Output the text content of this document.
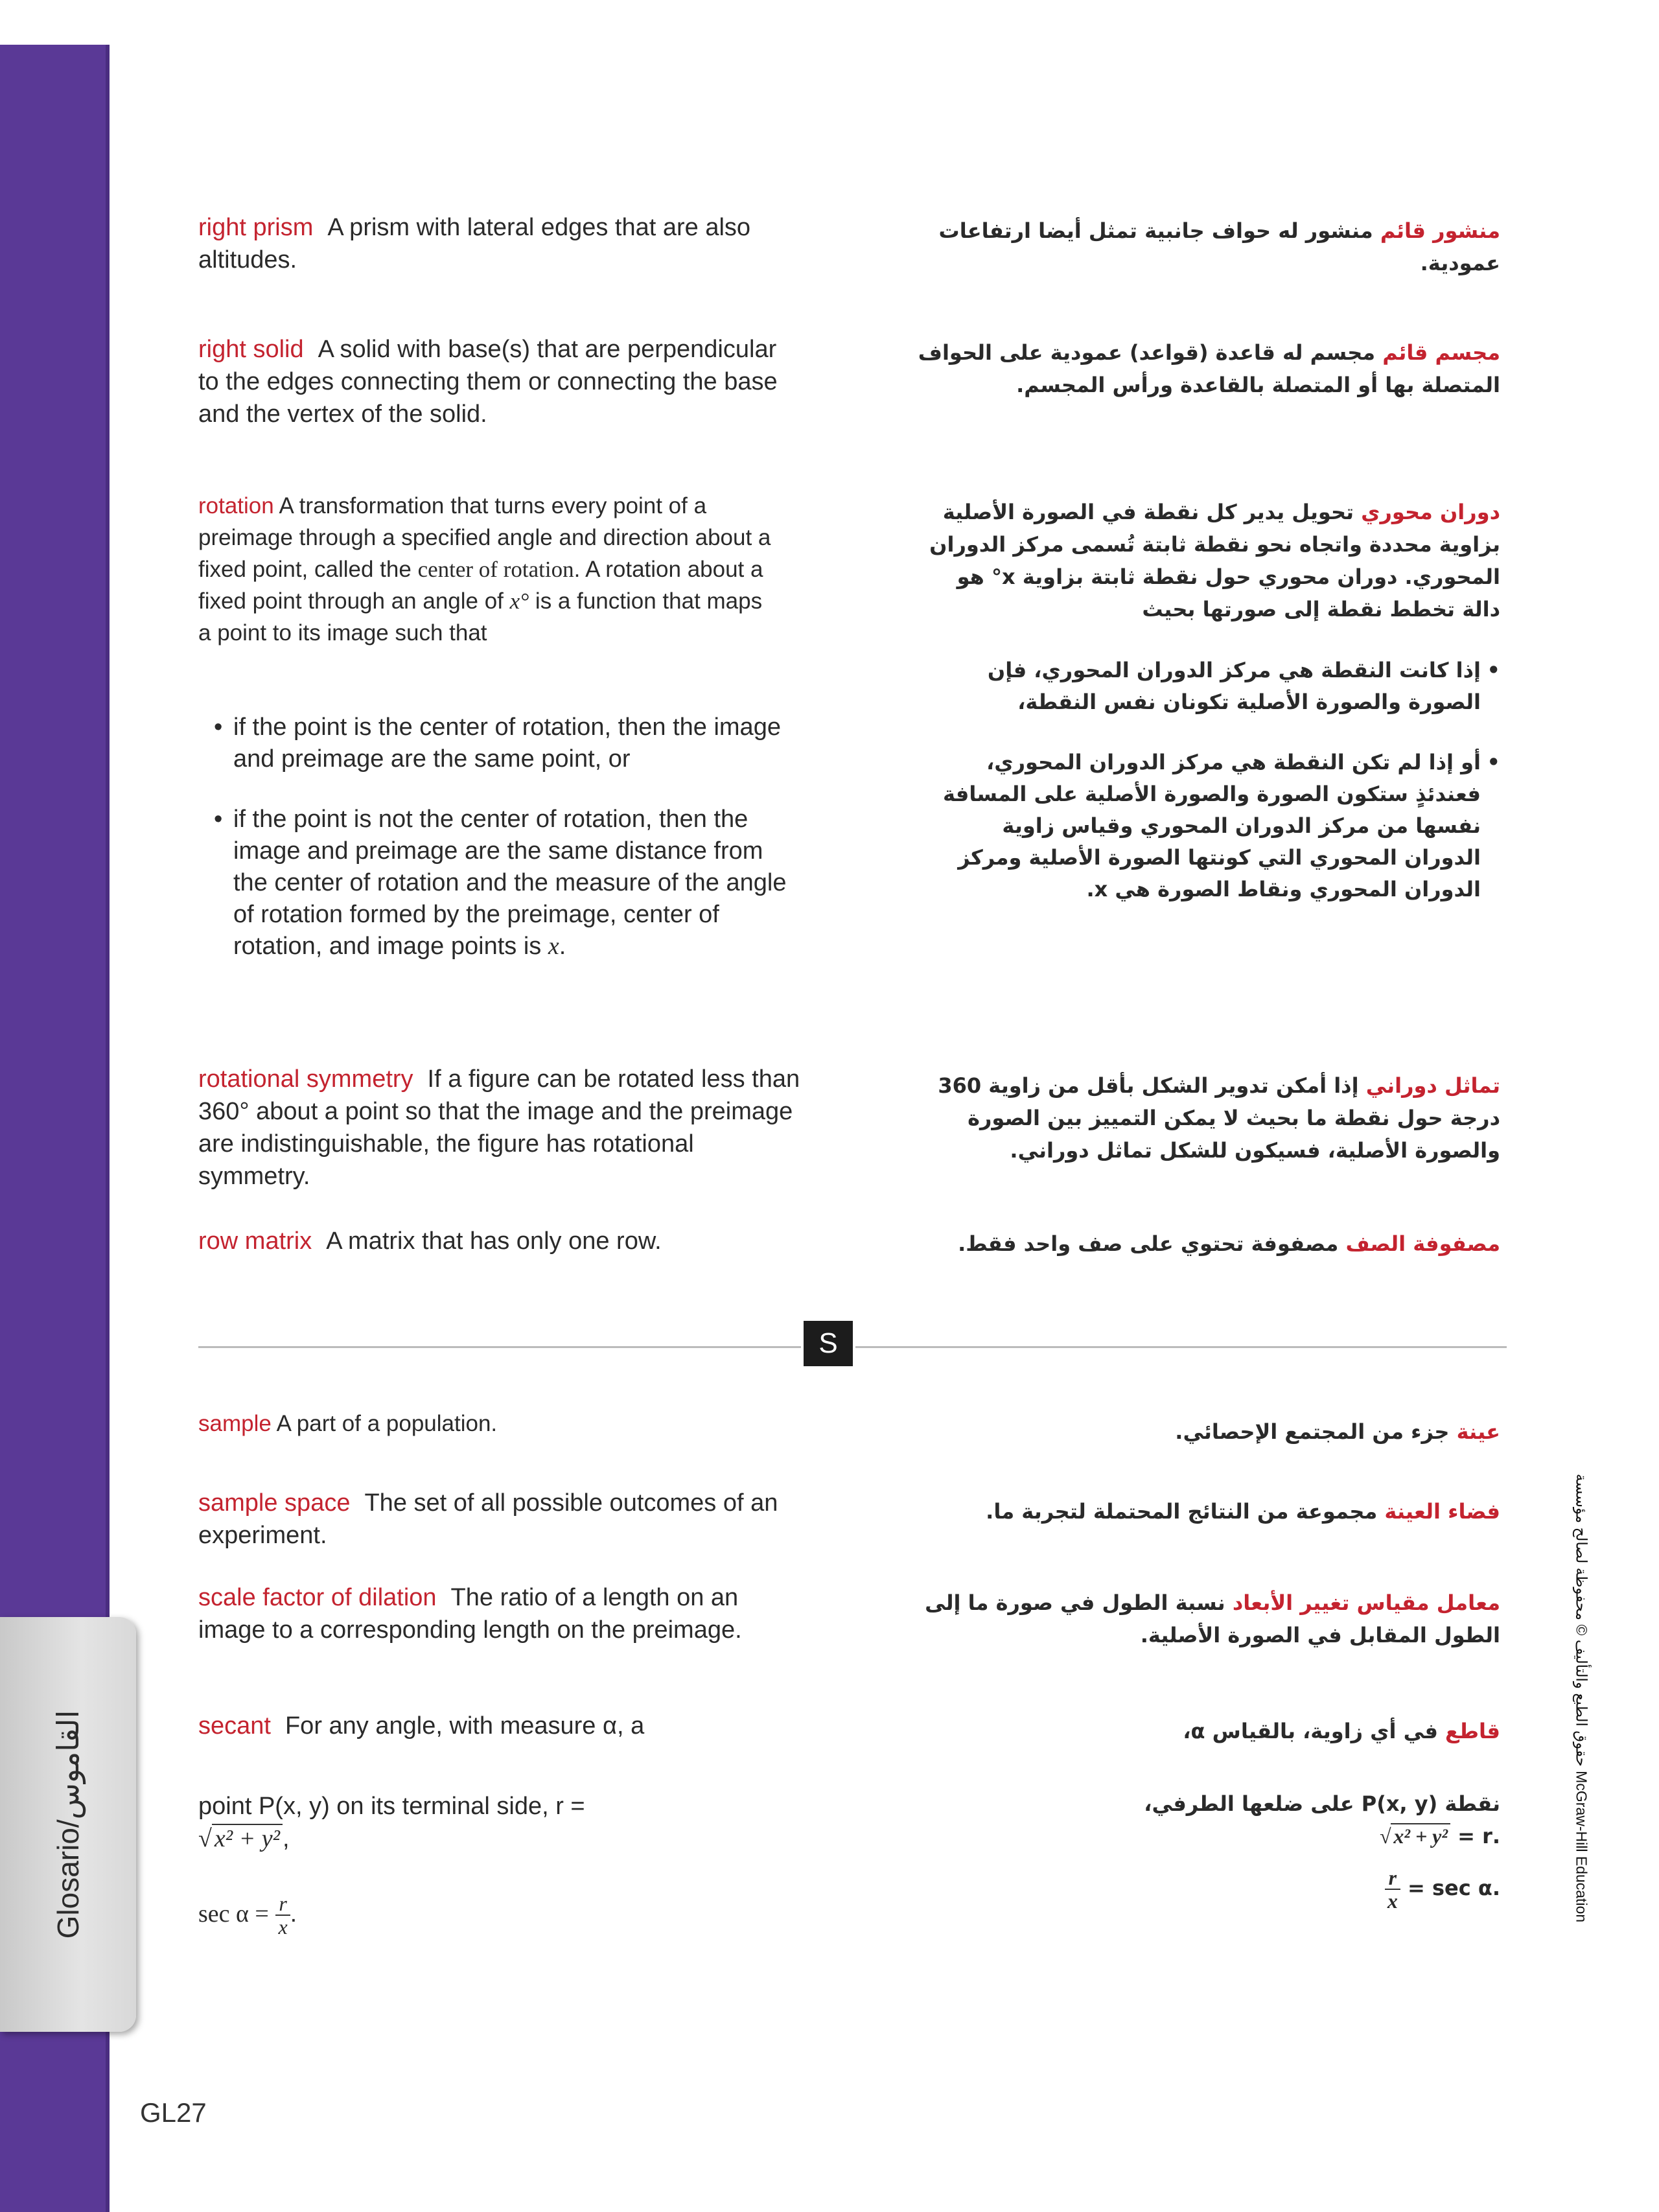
Glosario/القاموس
GL27
حقوق الطبع والتأليف © محفوظة لصالح مؤسسة McGraw-Hill Education
right prism A prism with lateral edges that are also altitudes.
منشور قائم منشور له حواف جانبية تمثل أيضا ارتفاعات عمودية.
right solid A solid with base(s) that are perpendicular to the edges connecting them or connecting the base and the vertex of the solid.
مجسم قائم مجسم له قاعدة (قواعد) عمودية على الحواف المتصلة بها أو المتصلة بالقاعدة ورأس المجسم.
rotation A transformation that turns every point of a preimage through a specified angle and direction about a fixed point, called the center of rotation. A rotation about a fixed point through an angle of x° is a function that maps
a point to its image such that
دوران محوري تحويل يدير كل نقطة في الصورة الأصلية بزاوية محددة واتجاه نحو نقطة ثابتة تُسمى مركز الدوران المحوري. دوران محوري حول نقطة ثابتة بزاوية x° هو دالة تخطط نقطة إلى صورتها بحيث
• if the point is the center of rotation, then the image and preimage are the same point, or
• if the point is not the center of rotation, then the image and preimage are the same distance from the center of rotation and the measure of the angle of rotation formed by the preimage, center of rotation, and image points is x.
•
إذا كانت النقطة هي مركز الدوران المحوري، فإن الصورة والصورة الأصلية تكونان نفس النقطة،
•
أو إذا لم تكن النقطة هي مركز الدوران المحوري، فعندئذٍ ستكون الصورة والصورة الأصلية على المسافة نفسها من مركز الدوران المحوري وقياس زاوية الدوران المحوري التي كونتها الصورة الأصلية ومركز الدوران المحوري ونقاط الصورة هي x.
rotational symmetry If a figure can be rotated less than 360° about a point so that the image and the preimage are indistinguishable, the figure has rotational symmetry.
تماثل دوراني إذا أمكن تدوير الشكل بأقل من زاوية 360 درجة حول نقطة ما بحيث لا يمكن التمييز بين الصورة والصورة الأصلية، فسيكون للشكل تماثل دوراني.
row matrix A matrix that has only one row.	مصفوفة الصف مصفوفة تحتوي على صف واحد فقط.
S
sample A part of a population.	عينة جزء من المجتمع الإحصائي.
sample space The set of all possible outcomes of an experiment.
فضاء العينة مجموعة من النتائج المحتملة لتجربة ما.
scale factor of dilation The ratio of a length on an image to a corresponding length on the preimage.
معامل مقياس تغيير الأبعاد نسبة الطول في صورة ما إلى الطول المقابل في الصورة الأصلية.
secant For any angle, with measure α, a
point P(x, y) on its terminal side, r =
√ x² + y² ,
$\sec \alpha = \frac{r}{x}$ .
قاطع في أي زاوية، بالقياس α،
نقطة P(x, y) على ضلعها الطرفي،
.r = √ x² + y²
.sec α =
$\frac{r}{x}$
